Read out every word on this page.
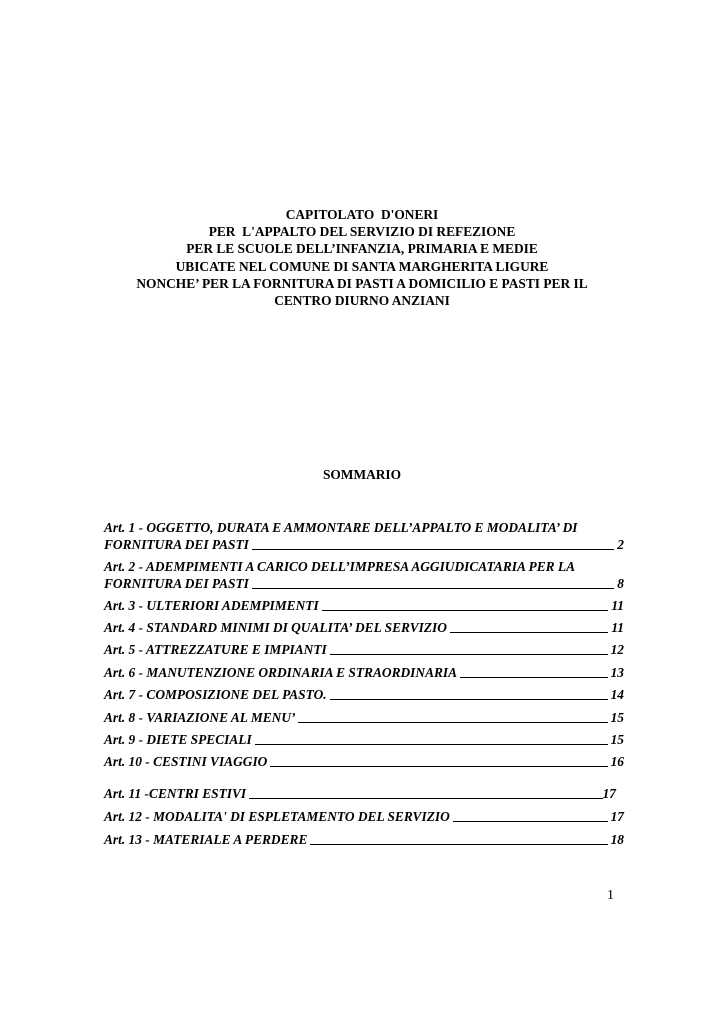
CAPITOLATO  D'ONERI
PER  L'APPALTO DEL SERVIZIO DI REFEZIONE
PER LE SCUOLE DELL’INFANZIA, PRIMARIA E MEDIE
UBICATE NEL COMUNE DI SANTA MARGHERITA LIGURE
NONCHE’ PER LA FORNITURA DI PASTI A DOMICILIO E PASTI PER IL
CENTRO DIURNO ANZIANI
SOMMARIO
Art. 1 - OGGETTO, DURATA E AMMONTARE DELL’APPALTO E MODALITA’ DI
FORNITURA DEI PASTI	2
Art. 2 - ADEMPIMENTI A CARICO DELL’IMPRESA AGGIUDICATARIA PER LA
FORNITURA DEI PASTI	8
Art. 3 - ULTERIORI ADEMPIMENTI	11
Art. 4 - STANDARD MINIMI DI QUALITA’ DEL SERVIZIO	11
Art. 5 - ATTREZZATURE E IMPIANTI	12
Art. 6 - MANUTENZIONE ORDINARIA E STRAORDINARIA	13
Art. 7 - COMPOSIZIONE DEL PASTO.	14
Art. 8 - VARIAZIONE AL MENU’	15
Art. 9 - DIETE SPECIALI	15
Art. 10 - CESTINI VIAGGIO	16
Art. 11 -CENTRI ESTIVI	17
Art. 12 - MODALITA' DI ESPLETAMENTO DEL SERVIZIO	17
Art. 13 - MATERIALE A PERDERE	18
1
